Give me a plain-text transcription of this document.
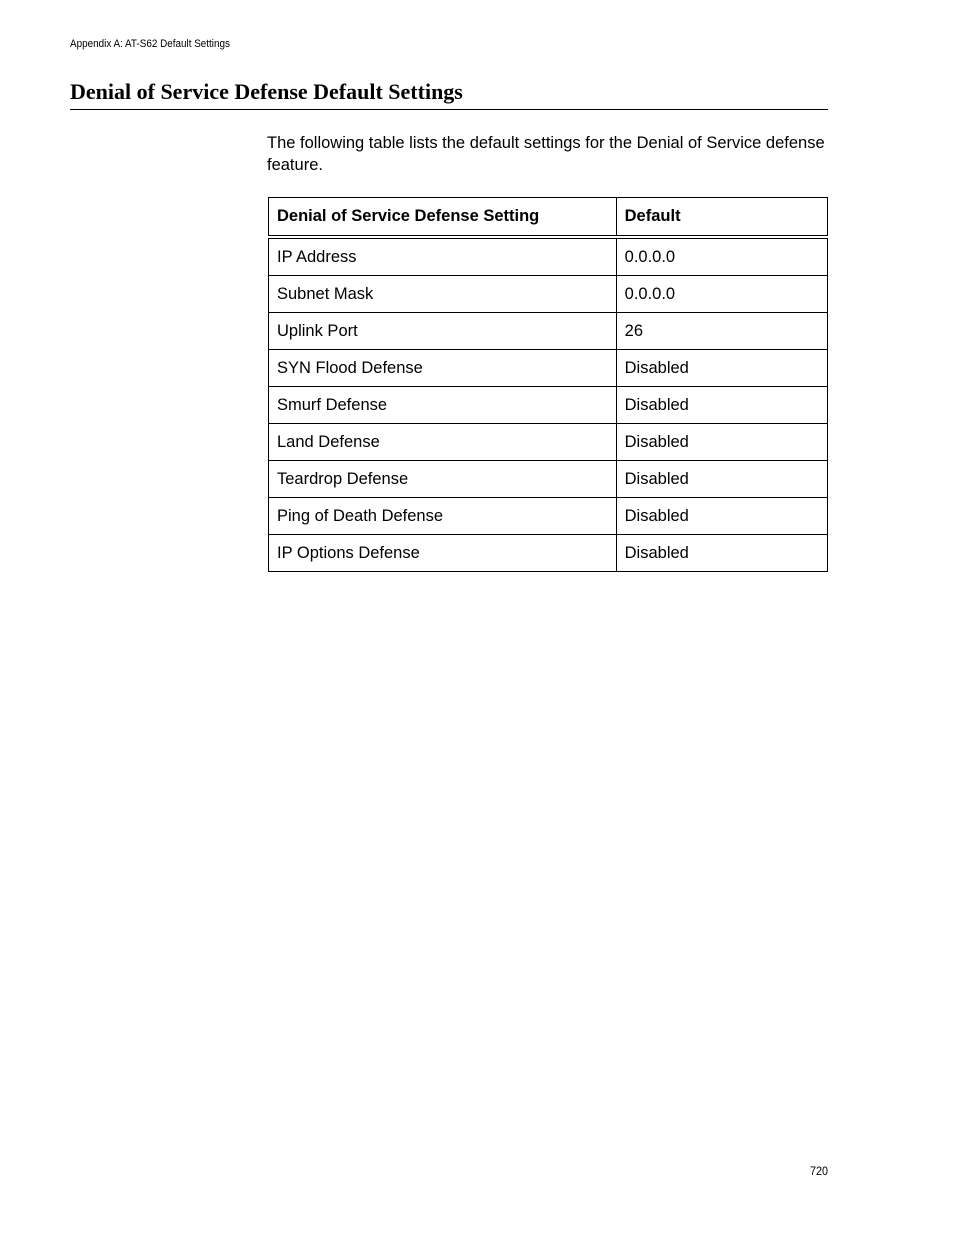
Appendix A: AT-S62 Default Settings
Denial of Service Defense Default Settings

The following table lists the default settings for the Denial of Service defense feature.

Denial of Service Defense Setting	Default
IP Address	0.0.0.0
Subnet Mask	0.0.0.0
Uplink Port	26
SYN Flood Defense	Disabled
Smurf Defense	Disabled
Land Defense	Disabled
Teardrop Defense	Disabled
Ping of Death Defense	Disabled
IP Options Defense	Disabled
720
